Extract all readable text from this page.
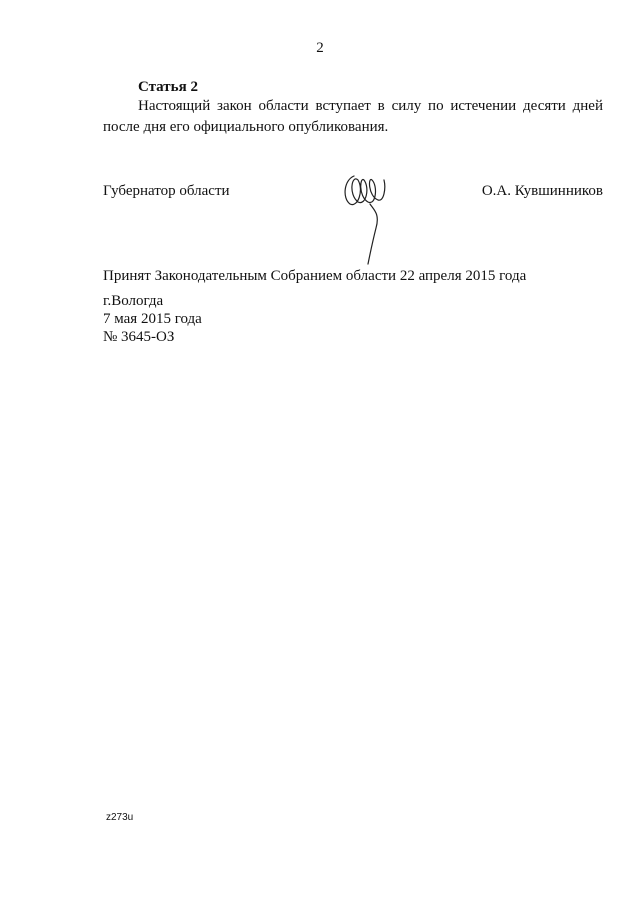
2
Статья 2
Настоящий закон области вступает в силу по истечении десяти дней после дня его официального опубликования.
Губернатор области	О.А. Кувшинников
Принят Законодательным Собранием области 22 апреля 2015 года
г.Вологда
7 мая 2015 года
№ 3645-ОЗ
z273u
